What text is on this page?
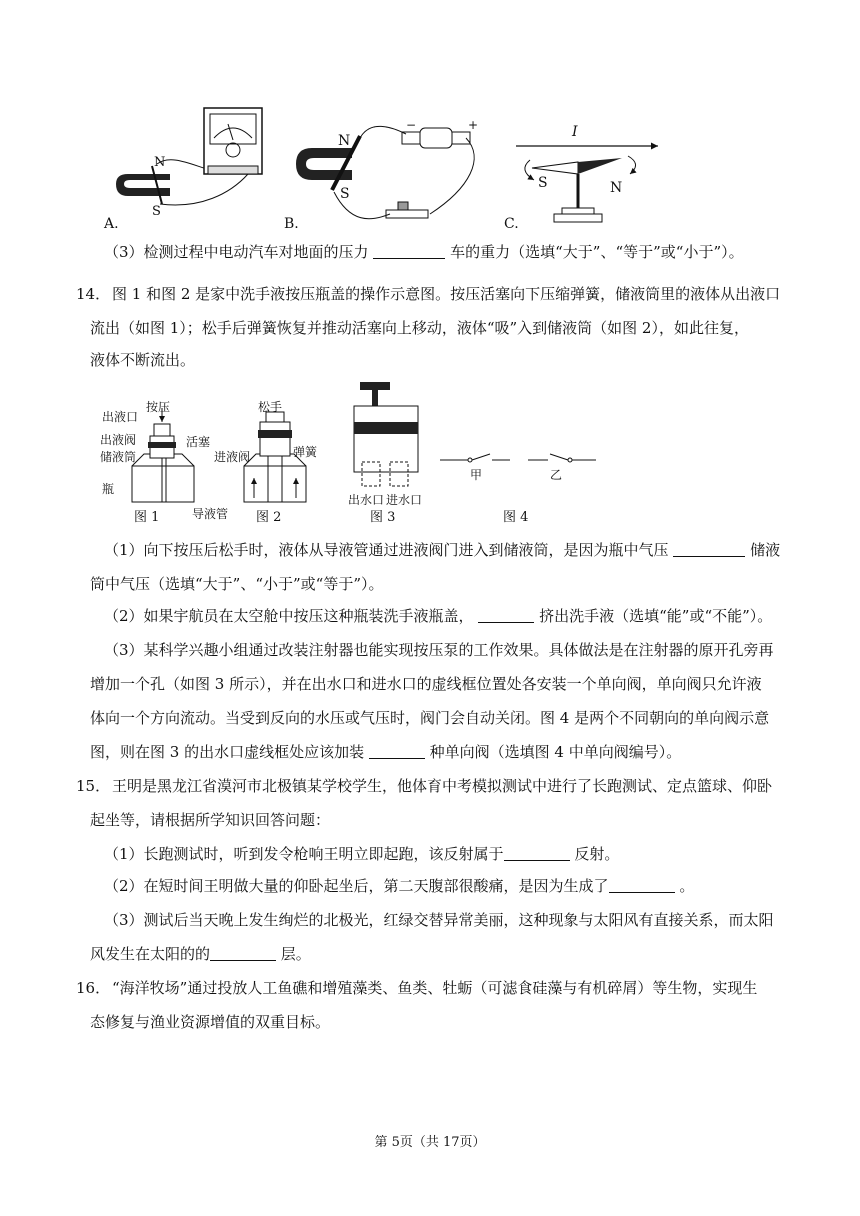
N
S
A.
N
S
−	+
B.
I
S	N
C.
（3）检测过程中电动汽车对地面的压力	车的重力（选填“大于”、“等于”或“小于”）。
14． 图 1 和图 2 是家中洗手液按压瓶盖的操作示意图。按压活塞向下压缩弹簧，储液筒里的液体从出液口
流出（如图 1）；松手后弹簧恢复并推动活塞向上移动，液体“吸”入到储液筒（如图 2），如此往复，
液体不断流出。
出液口
按压
出液阀	活塞
储液筒
瓶
导液管
松手
进液阀	弹簧
出水口 进水口
甲	乙
图 1	图 2	图 3	图 4
（1）向下按压后松手时，液体从导液管通过进液阀门进入到储液筒，是因为瓶中气压	储液
筒中气压（选填“大于”、“小于”或“等于”）。
（2）如果宇航员在太空舱中按压这种瓶装洗手液瓶盖，	挤出洗手液（选填“能”或“不能”）。
（3）某科学兴趣小组通过改装注射器也能实现按压泵的工作效果。具体做法是在注射器的原开孔旁再
增加一个孔（如图 3 所示），并在出水口和进水口的虚线框位置处各安装一个单向阀，单向阀只允许液
体向一个方向流动。当受到反向的水压或气压时，阀门会自动关闭。图 4 是两个不同朝向的单向阀示意
图，则在图 3 的出水口虚线框处应该加装	种单向阀（选填图 4 中单向阀编号）。
15． 王明是黑龙江省漠河市北极镇某学校学生，他体育中考模拟测试中进行了长跑测试、定点篮球、仰卧
起坐等，请根据所学知识回答问题：
（1）长跑测试时，听到发令枪响王明立即起跑，该反射属于	反射。
（2）在短时间王明做大量的仰卧起坐后，第二天腹部很酸痛，是因为生成了	。
（3）测试后当天晚上发生绚烂的北极光，红绿交替异常美丽，这种现象与太阳风有直接关系，而太阳
风发生在太阳的的	层。
16． “海洋牧场”通过投放人工鱼礁和增殖藻类、鱼类、牡蛎（可滤食硅藻与有机碎屑）等生物，实现生
态修复与渔业资源增值的双重目标。
第 5页（共 17页）
